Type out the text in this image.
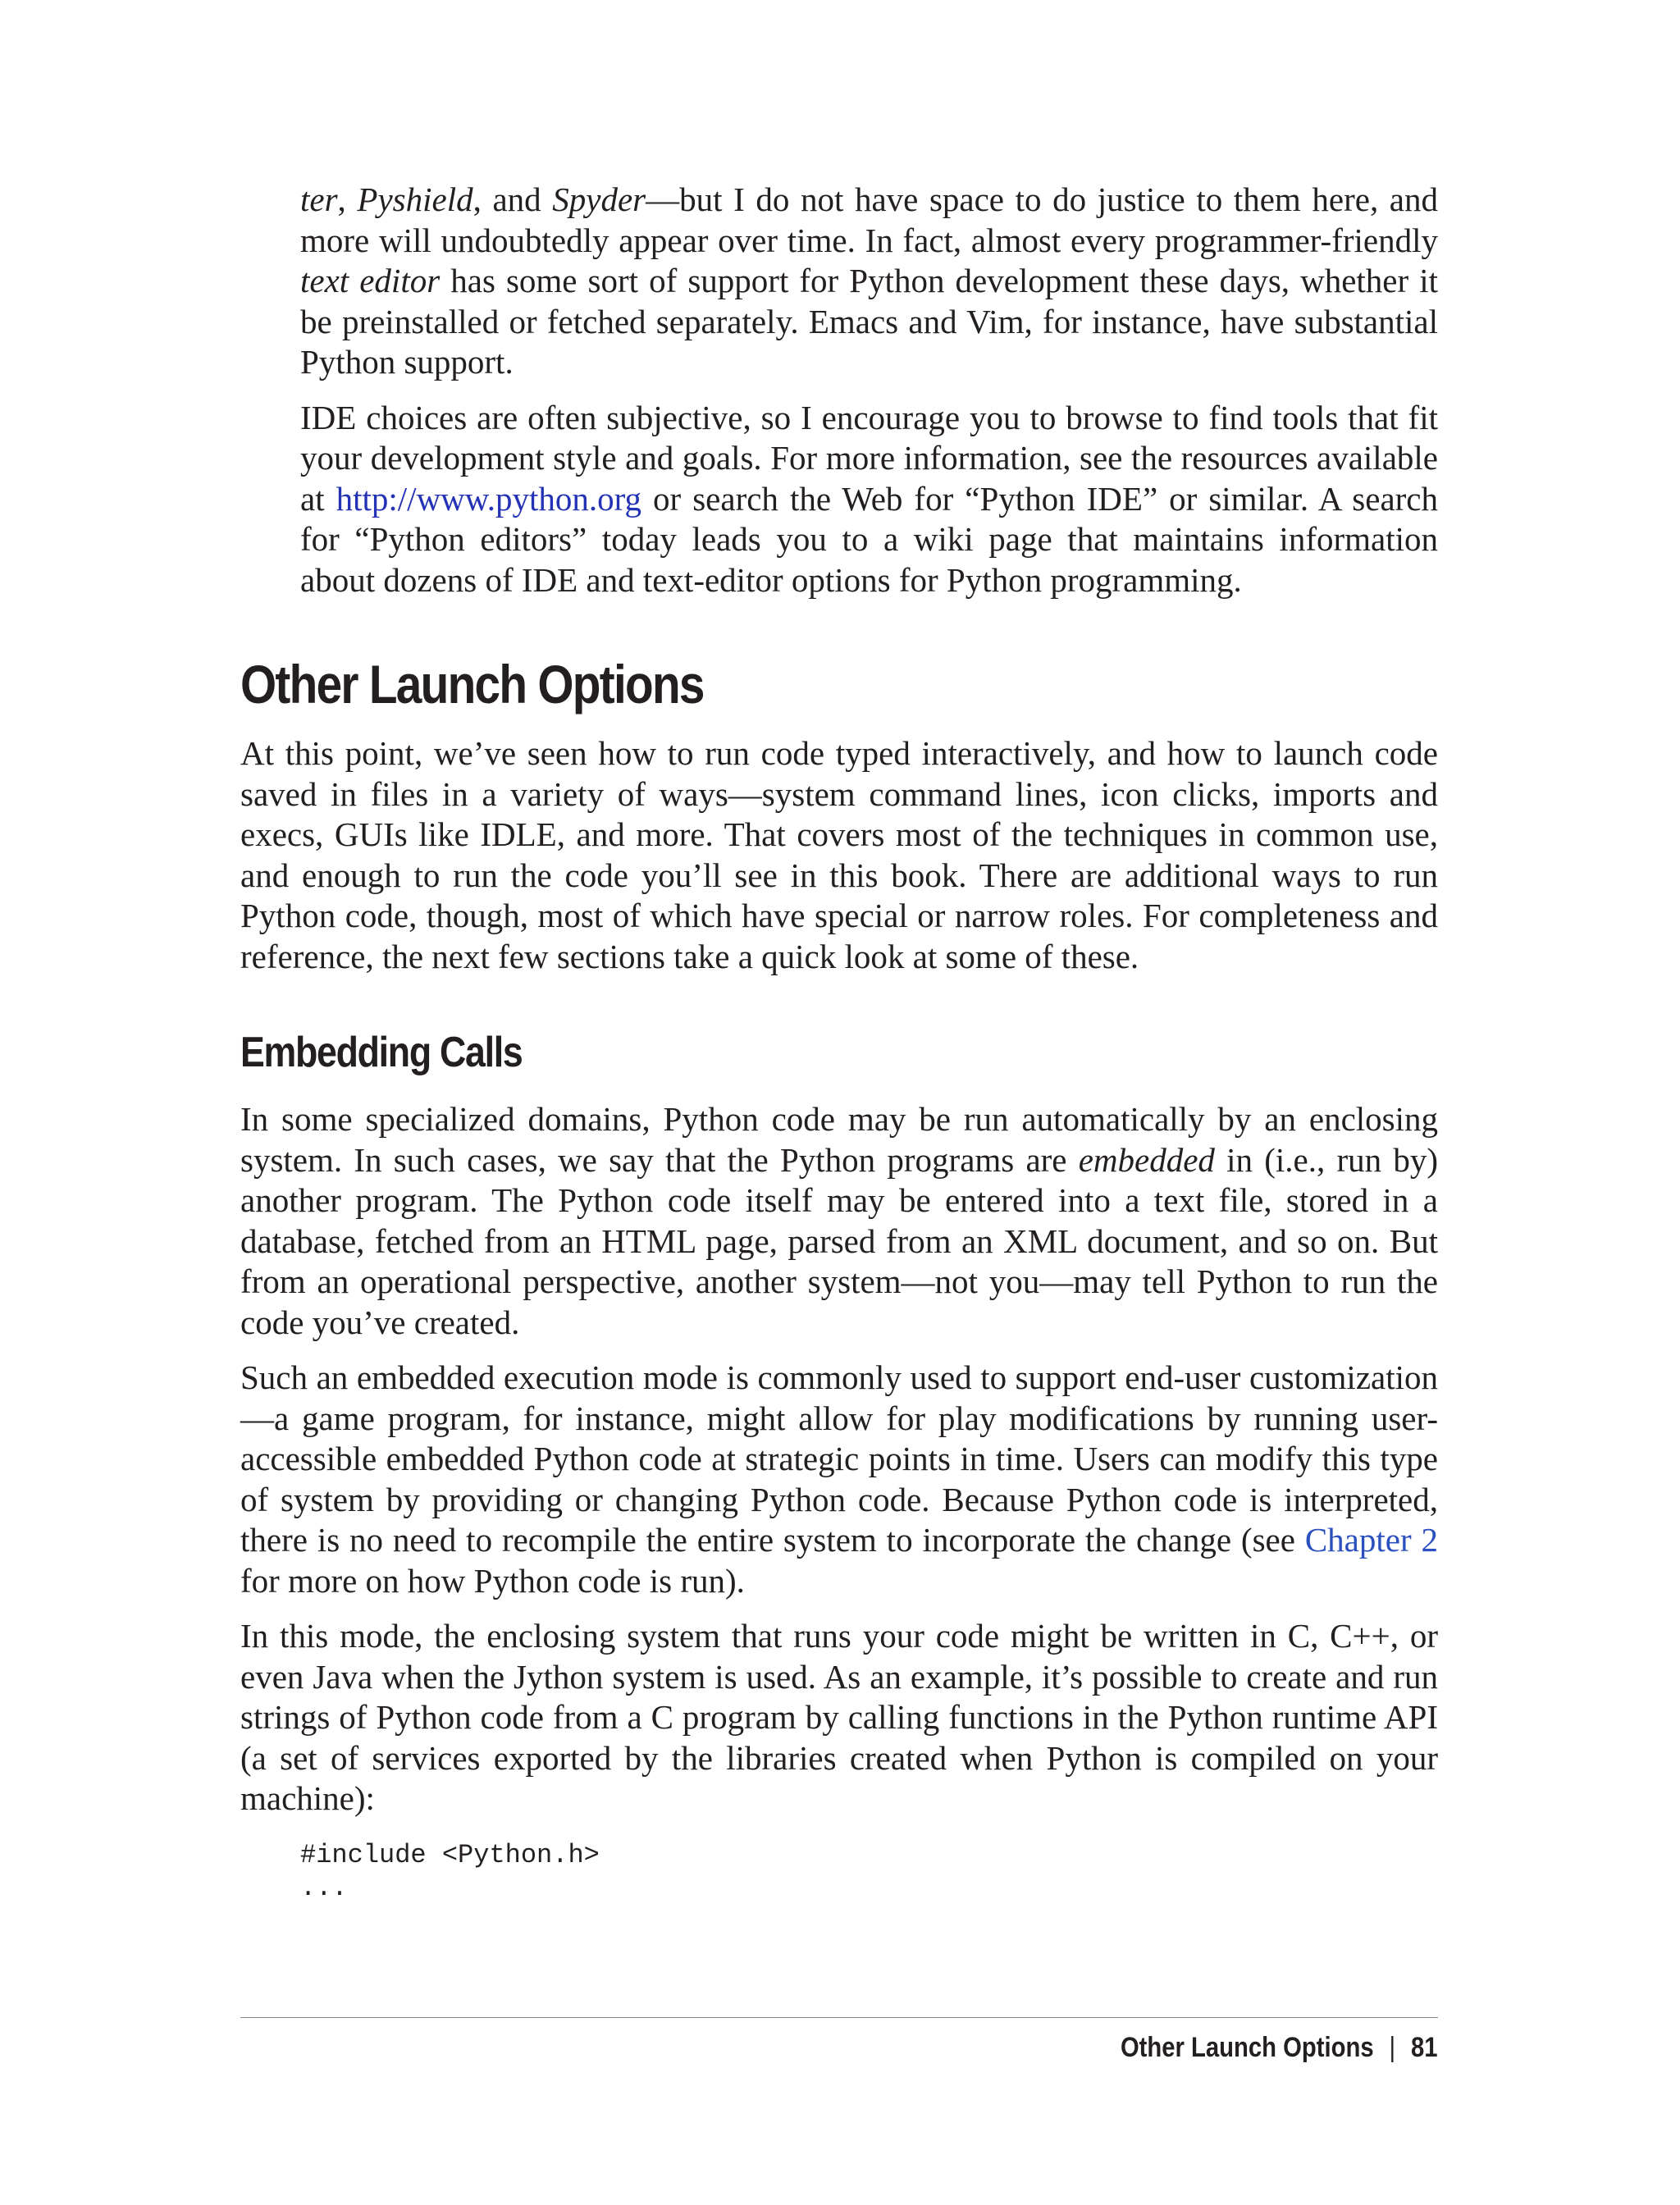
ter, Pyshield, and Spyder—but I do not have space to do justice to them here, and more will undoubtedly appear over time. In fact, almost every programmer-friendly text editor has some sort of support for Python development these days, whether it be preinstalled or fetched separately. Emacs and Vim, for instance, have substantial Python support.

IDE choices are often subjective, so I encourage you to browse to find tools that fit your development style and goals. For more information, see the resources available at http://www.python.org or search the Web for “Python IDE” or similar. A search for “Python editors” today leads you to a wiki page that maintains information about dozens of IDE and text-editor options for Python programming.

Other Launch Options

At this point, we’ve seen how to run code typed interactively, and how to launch code saved in files in a variety of ways—system command lines, icon clicks, imports and execs, GUIs like IDLE, and more. That covers most of the techniques in common use, and enough to run the code you’ll see in this book. There are additional ways to run Python code, though, most of which have special or narrow roles. For completeness and reference, the next few sections take a quick look at some of these.

Embedding Calls

In some specialized domains, Python code may be run automatically by an enclosing system. In such cases, we say that the Python programs are embedded in (i.e., run by) another program. The Python code itself may be entered into a text file, stored in a database, fetched from an HTML page, parsed from an XML document, and so on. But from an operational perspective, another system—not you—may tell Python to run the code you’ve created.

Such an embedded execution mode is commonly used to support end-user customization—a game program, for instance, might allow for play modifications by running user-accessible embedded Python code at strategic points in time. Users can modify this type of system by providing or changing Python code. Because Python code is interpreted, there is no need to recompile the entire system to incorporate the change (see Chapter 2 for more on how Python code is run).

In this mode, the enclosing system that runs your code might be written in C, C++, or even Java when the Jython system is used. As an example, it’s possible to create and run strings of Python code from a C program by calling functions in the Python runtime API (a set of services exported by the libraries created when Python is compiled on your machine):

#include <Python.h>
...
Other Launch Options | 81
